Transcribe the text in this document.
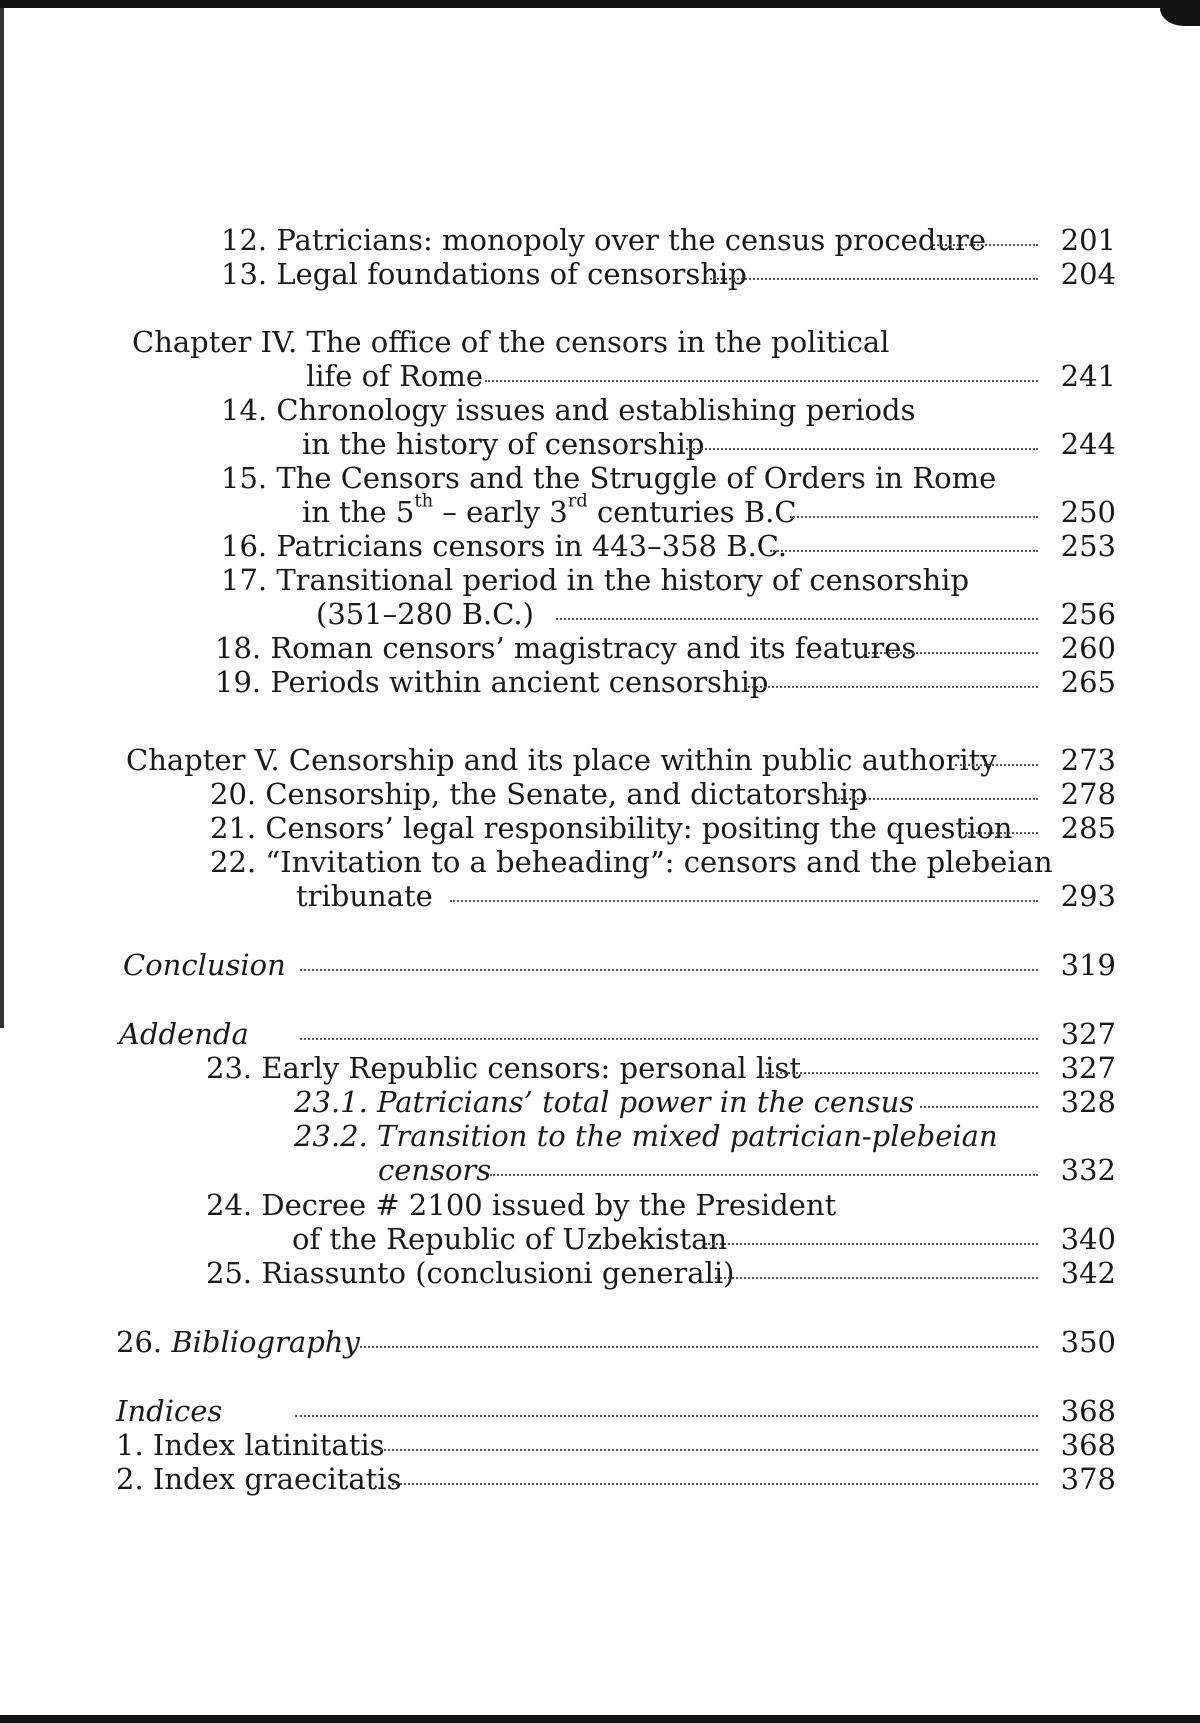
12. Patricians: monopoly over the census procedure	201
13. Legal foundations of censorship	204
Chapter IV. The office of the censors in the political
life of Rome	241
14. Chronology issues and establishing periods
in the history of censorship	244
15. The Censors and the Struggle of Orders in Rome
in the 5th – early 3rd centuries B.C	250
16. Patricians censors in 443–358 B.C.	253
17. Transitional period in the history of censorship
(351–280 B.C.)	256
18. Roman censors’ magistracy and its features	260
19. Periods within ancient censorship	265
Chapter V. Censorship and its place within public authority	273
20. Censorship, the Senate, and dictatorship	278
21. Censors’ legal responsibility: positing the question	285
22. “Invitation to a beheading”: censors and the plebeian
tribunate	293
Conclusion	319
Addenda	327
23. Early Republic censors: personal list	327
23.1. Patricians’ total power in the census	328
23.2. Transition to the mixed patrician-plebeian
censors	332
24. Decree # 2100 issued by the President
of the Republic of Uzbekistan	340
25. Riassunto (conclusioni generali)	342
26. Bibliography	350
Indices	368
1. Index latinitatis	368
2. Index graecitatis	378
